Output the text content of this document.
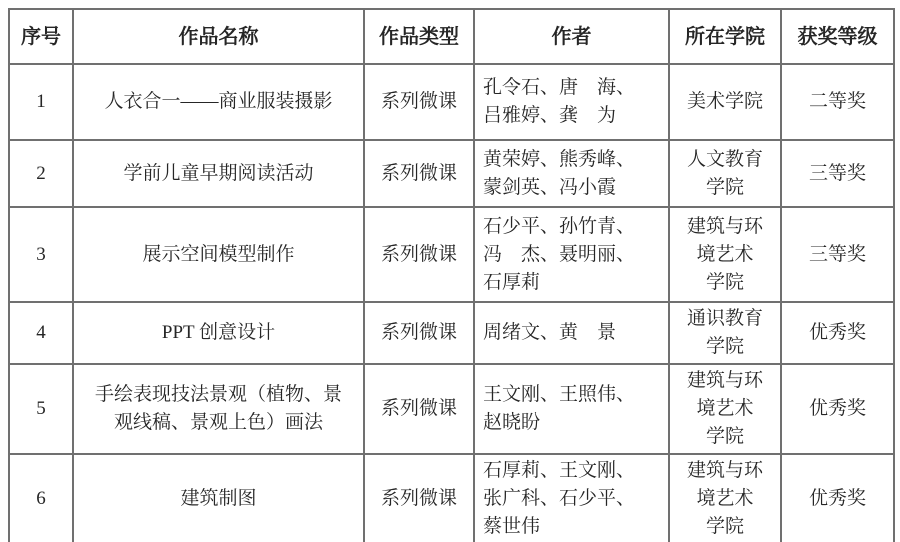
序号	作品名称	作品类型	作者	所在学院	获奖等级
1	人衣合一——商业服装摄影	系列微课	孔令石、唐　海、
吕雅婷、龚　为	美术学院	二等奖
2	学前儿童早期阅读活动	系列微课	黄荣婷、熊秀峰、
蒙剑英、冯小霞	人文教育
学院	三等奖
3	展示空间模型制作	系列微课	石少平、孙竹青、
冯　杰、聂明丽、
石厚莉	建筑与环
境艺术
学院	三等奖
4	PPT 创意设计	系列微课	周绪文、黄　景	通识教育
学院	优秀奖
5	手绘表现技法景观（植物、景
观线稿、景观上色）画法	系列微课	王文刚、王照伟、
赵晓盼	建筑与环
境艺术
学院	优秀奖
6	建筑制图	系列微课	石厚莉、王文刚、
张广科、石少平、
蔡世伟	建筑与环
境艺术
学院	优秀奖
